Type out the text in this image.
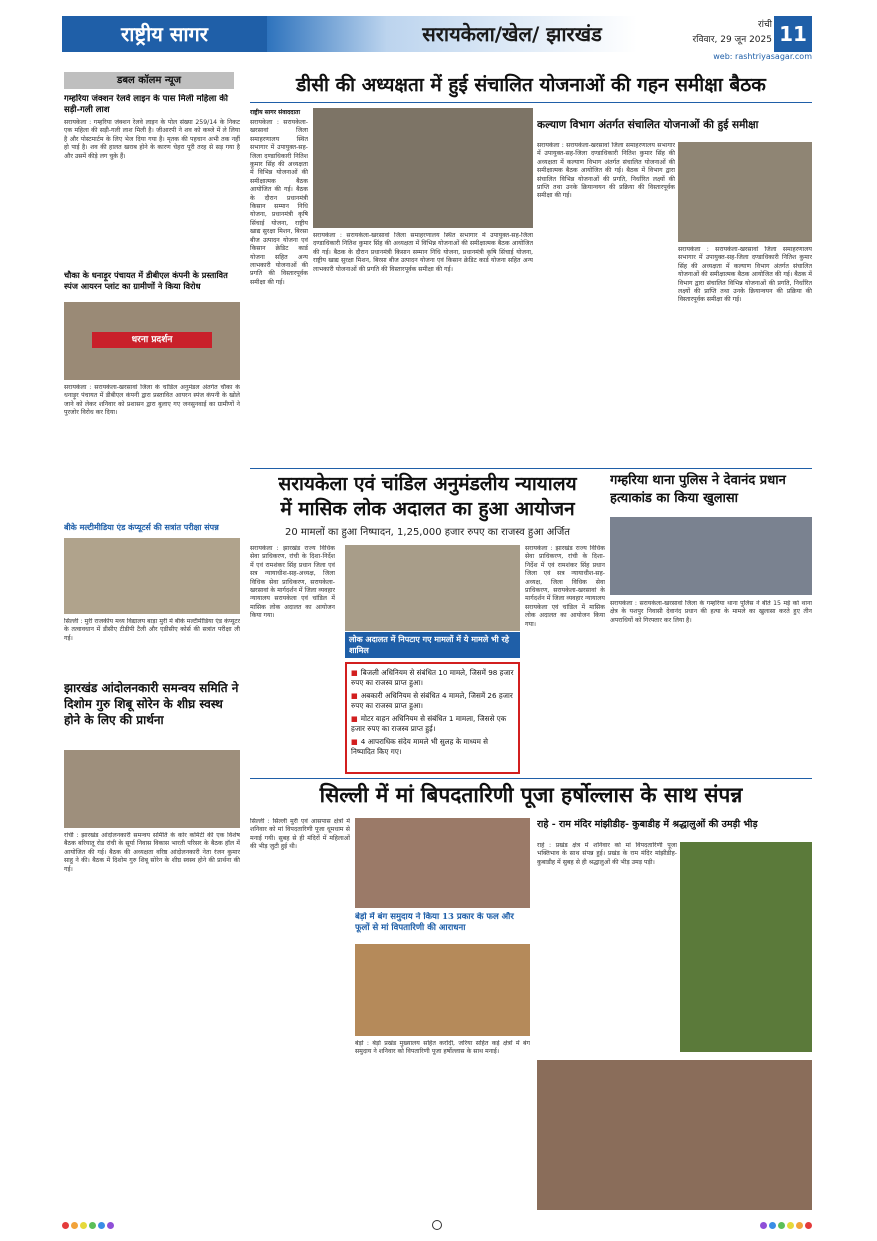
राष्ट्रीय सागर	सरायकेला/खेल/ झारखंड	रांची
रविवार, 29 जून 2025 11
web: rashtriyasagar.com
डबल कॉलम न्यूज
गम्हरिया जंक्शन रेलवे लाइन के पास मिली महिला की सड़ी-गली लाश
सरायकेला : गम्हरिया जंक्शन रेलवे लाइन के पोल संख्या 259/14 के निकट एक महिला की सड़ी-गली लाश मिली है। जीआरपी ने शव को कब्जे में ले लिया है और पोस्टमार्टम के लिए भेज दिया गया है। मृतक की पहचान अभी तक नहीं हो पाई है। शव की हालत खराब होने के कारण चेहरा पूरी तरह से सड़ गया है और उसमें कीड़े लग चुके हैं।
चौका के धनाड़ूर पंचायत में डीबीएल कंपनी के प्रस्तावित स्पंज आयरन प्लांट का ग्रामीणों ने किया विरोध
धरना प्रदर्शन
सरायकेला : सरायकेला-खरसावां जिला के चांडिल अनुमंडल अंतर्गत चौका के धनाड़ूर पंचायत में डीबीएल कंपनी द्वारा प्रस्तावित आयरन स्पंज कंपनी के खोले जाने को लेकर शनिवार को प्रशासन द्वारा बुलाए गए जनसुनवाई का ग्रामीणों ने पुरजोर विरोध कर दिया।
बीके मल्टीमीडिया एंड कंप्यूटर्स की सत्रांत परीक्षा संपन्न
सिल्ली : मुरी राजकीय मध्य विद्यालय बाड़ा मुरी में बीके मल्टीमीडिया एंड कंप्यूटर के तत्वावधान में डीसीए टीडीपी टैली और एडीसीए कोर्स की सत्रांत परीक्षा ली गई।
डीसी की अध्यक्षता में हुई संचालित योजनाओं की गहन समीक्षा बैठक
राष्ट्रीय सागर संवाददाता
सरायकेला : सरायकेला-खरसावां जिला समाहरणालय स्थित सभागार में उपायुक्त-सह-जिला दण्डाधिकारी नितिश कुमार सिंह की अध्यक्षता में विभिन्न योजनाओं की समीक्षात्मक बैठक आयोजित की गई। बैठक के दौरान प्रधानमंत्री किसान सम्मान निधि योजना, प्रधानमंत्री कृषि सिंचाई योजना, राष्ट्रीय खाद्य सुरक्षा मिशन, बिरसा बीज उत्पादन योजना एवं किसान क्रेडिट कार्ड योजना सहित अन्य लाभकारी योजनाओं की प्रगति की विस्तारपूर्वक समीक्षा की गई।
सरायकेला : सरायकेला-खरसावां जिला समाहरणालय स्थित सभागार में उपायुक्त-सह-जिला दण्डाधिकारी नितिश कुमार सिंह की अध्यक्षता में विभिन्न योजनाओं की समीक्षात्मक बैठक आयोजित की गई। बैठक के दौरान प्रधानमंत्री किसान सम्मान निधि योजना, प्रधानमंत्री कृषि सिंचाई योजना, राष्ट्रीय खाद्य सुरक्षा मिशन, बिरसा बीज उत्पादन योजना एवं किसान क्रेडिट कार्ड योजना सहित अन्य लाभकारी योजनाओं की प्रगति की विस्तारपूर्वक समीक्षा की गई।
कल्याण विभाग अंतर्गत संचालित योजनाओं की हुई समीक्षा
सरायकेला : सरायकेला-खरसावां जिला समाहरणालय सभागार में उपायुक्त-सह-जिला दण्डाधिकारी नितिश कुमार सिंह की अध्यक्षता में कल्याण विभाग अंतर्गत संचालित योजनाओं की समीक्षात्मक बैठक आयोजित की गई। बैठक में विभाग द्वारा संचालित विभिन्न योजनाओं की प्रगति, निर्धारित लक्ष्यों की प्राप्ति तथा उनके क्रियान्वयन की प्रक्रिया की विस्तारपूर्वक समीक्षा की गई।
सरायकेला : सरायकेला-खरसावां जिला समाहरणालय सभागार में उपायुक्त-सह-जिला दण्डाधिकारी नितिश कुमार सिंह की अध्यक्षता में कल्याण विभाग अंतर्गत संचालित योजनाओं की समीक्षात्मक बैठक आयोजित की गई। बैठक में विभाग द्वारा संचालित विभिन्न योजनाओं की प्रगति, निर्धारित लक्ष्यों की प्राप्ति तथा उनके क्रियान्वयन की प्रक्रिया की विस्तारपूर्वक समीक्षा की गई।
सरायकेला एवं चांडिल अनुमंडलीय न्यायालय
में मासिक लोक अदालत का हुआ आयोजन
20 मामलों का हुआ निष्पादन, 1,25,000 हजार रुपए का राजस्व हुआ अर्जित
सरायकेला : झारखंड राज्य विधिक सेवा प्राधिकरण, रांची के दिशा-निर्देश में एवं रामशंकर सिंह प्रधान जिला एवं सत्र न्यायाधीश-सह-अध्यक्ष, जिला विधिक सेवा प्राधिकरण, सरायकेला-खरसावां के मार्गदर्शन में जिला व्यवहार न्यायालय सरायकेला एवं चांडिल में मासिक लोक अदालत का आयोजन किया गया।
लोक अदालत में निपटाए गए मामलों में ये मामले भी रहे शामिल
■ बिजली अधिनियम से संबंधित 10 मामले, जिसमें 98 हजार रुपए का राजस्व प्राप्त हुआ।
■ अबकारी अधिनियम से संबंधित 4 मामले, जिसमें 26 हजार रुपए का राजस्व प्राप्त हुआ।
■ मोटर वाहन अधिनियम से संबंधित 1 मामला, जिससे एक हजार रुपए का राजस्व प्राप्त हुई।
■ 4 आपराधिक संदेय मामले भी सुलह के माध्यम से निष्पादित किए गए।
सरायकेला : झारखंड राज्य विधिक सेवा प्राधिकरण, रांची के दिशा-निर्देश में एवं रामशंकर सिंह प्रधान जिला एवं सत्र न्यायाधीश-सह-अध्यक्ष, जिला विधिक सेवा प्राधिकरण, सरायकेला-खरसावां के मार्गदर्शन में जिला व्यवहार न्यायालय सरायकेला एवं चांडिल में मासिक लोक अदालत का आयोजन किया गया।
गम्हरिया थाना पुलिस ने देवानंद प्रधान हत्याकांड का किया खुलासा
सरायकेला : सरायकेला-खरसावां जिला के गम्हरिया थाना पुलिस ने बीते 15 मई को थाना क्षेत्र के यशपुर निवासी देवानंद प्रधान की हत्या के मामले का खुलासा करते हुए तीन अपराधियों को गिरफ्तार कर लिया है।
झारखंड आंदोलनकारी समन्वय समिति ने दिशोम गुरु शिबू सोरेन के शीघ्र स्वस्थ होने के लिए की प्रार्थना
रांची : झारखंड आंदोलनकारी समन्वय समिति के कोर कमिटी की एक विशेष बैठक बरियातू रोड रांची के सूर्या निवास विकास भारती परिसर के बैठक हॉल में आयोजित की गई। बैठक की अध्यक्षता वरिष्ठ आंदोलनकारी नेता रंजन कुमार साहु ने की। बैठक में दिशोम गुरु शिबू सोरेन के शीघ्र स्वस्थ होने की प्रार्थना की गई।
सिल्ली में मां बिपदतारिणी पूजा हर्षोल्लास के साथ संपन्न
सिल्ली : सिल्ली मुरी एवं आसपास क्षेत्रों में शनिवार को मां विपदतारिणी पूजा धूमधाम से मनाई गयी। सुबह से ही मंदिरों में महिलाओं की भीड़ जुटी हुई थी।
बेड़ो में बंग समुदाय ने किया 13 प्रकार के फल और फूलों से मां विपतारिणी की आराधना
बेड़ो : बेड़ो प्रखंड मुख्यालय सहित करोंदी, जरिया सहित कई क्षेत्रों में बंग समुदाय ने शनिवार को विपतारिणी पूजा हर्षोल्लास के साथ मनाई।
राहे - राम मंदिर मांझीडीह- कुबाडीह में श्रद्धालुओं की उमड़ी भीड़
राहे : प्रखंड क्षेत्र में शनिवार को मां विपदतारिणी पूजा भक्तिभाव के साथ संपन्न हुई। प्रखंड के राम मंदिर मांझीडीह-कुबाडीह में सुबह से ही श्रद्धालुओं की भीड़ उमड़ पड़ी।
